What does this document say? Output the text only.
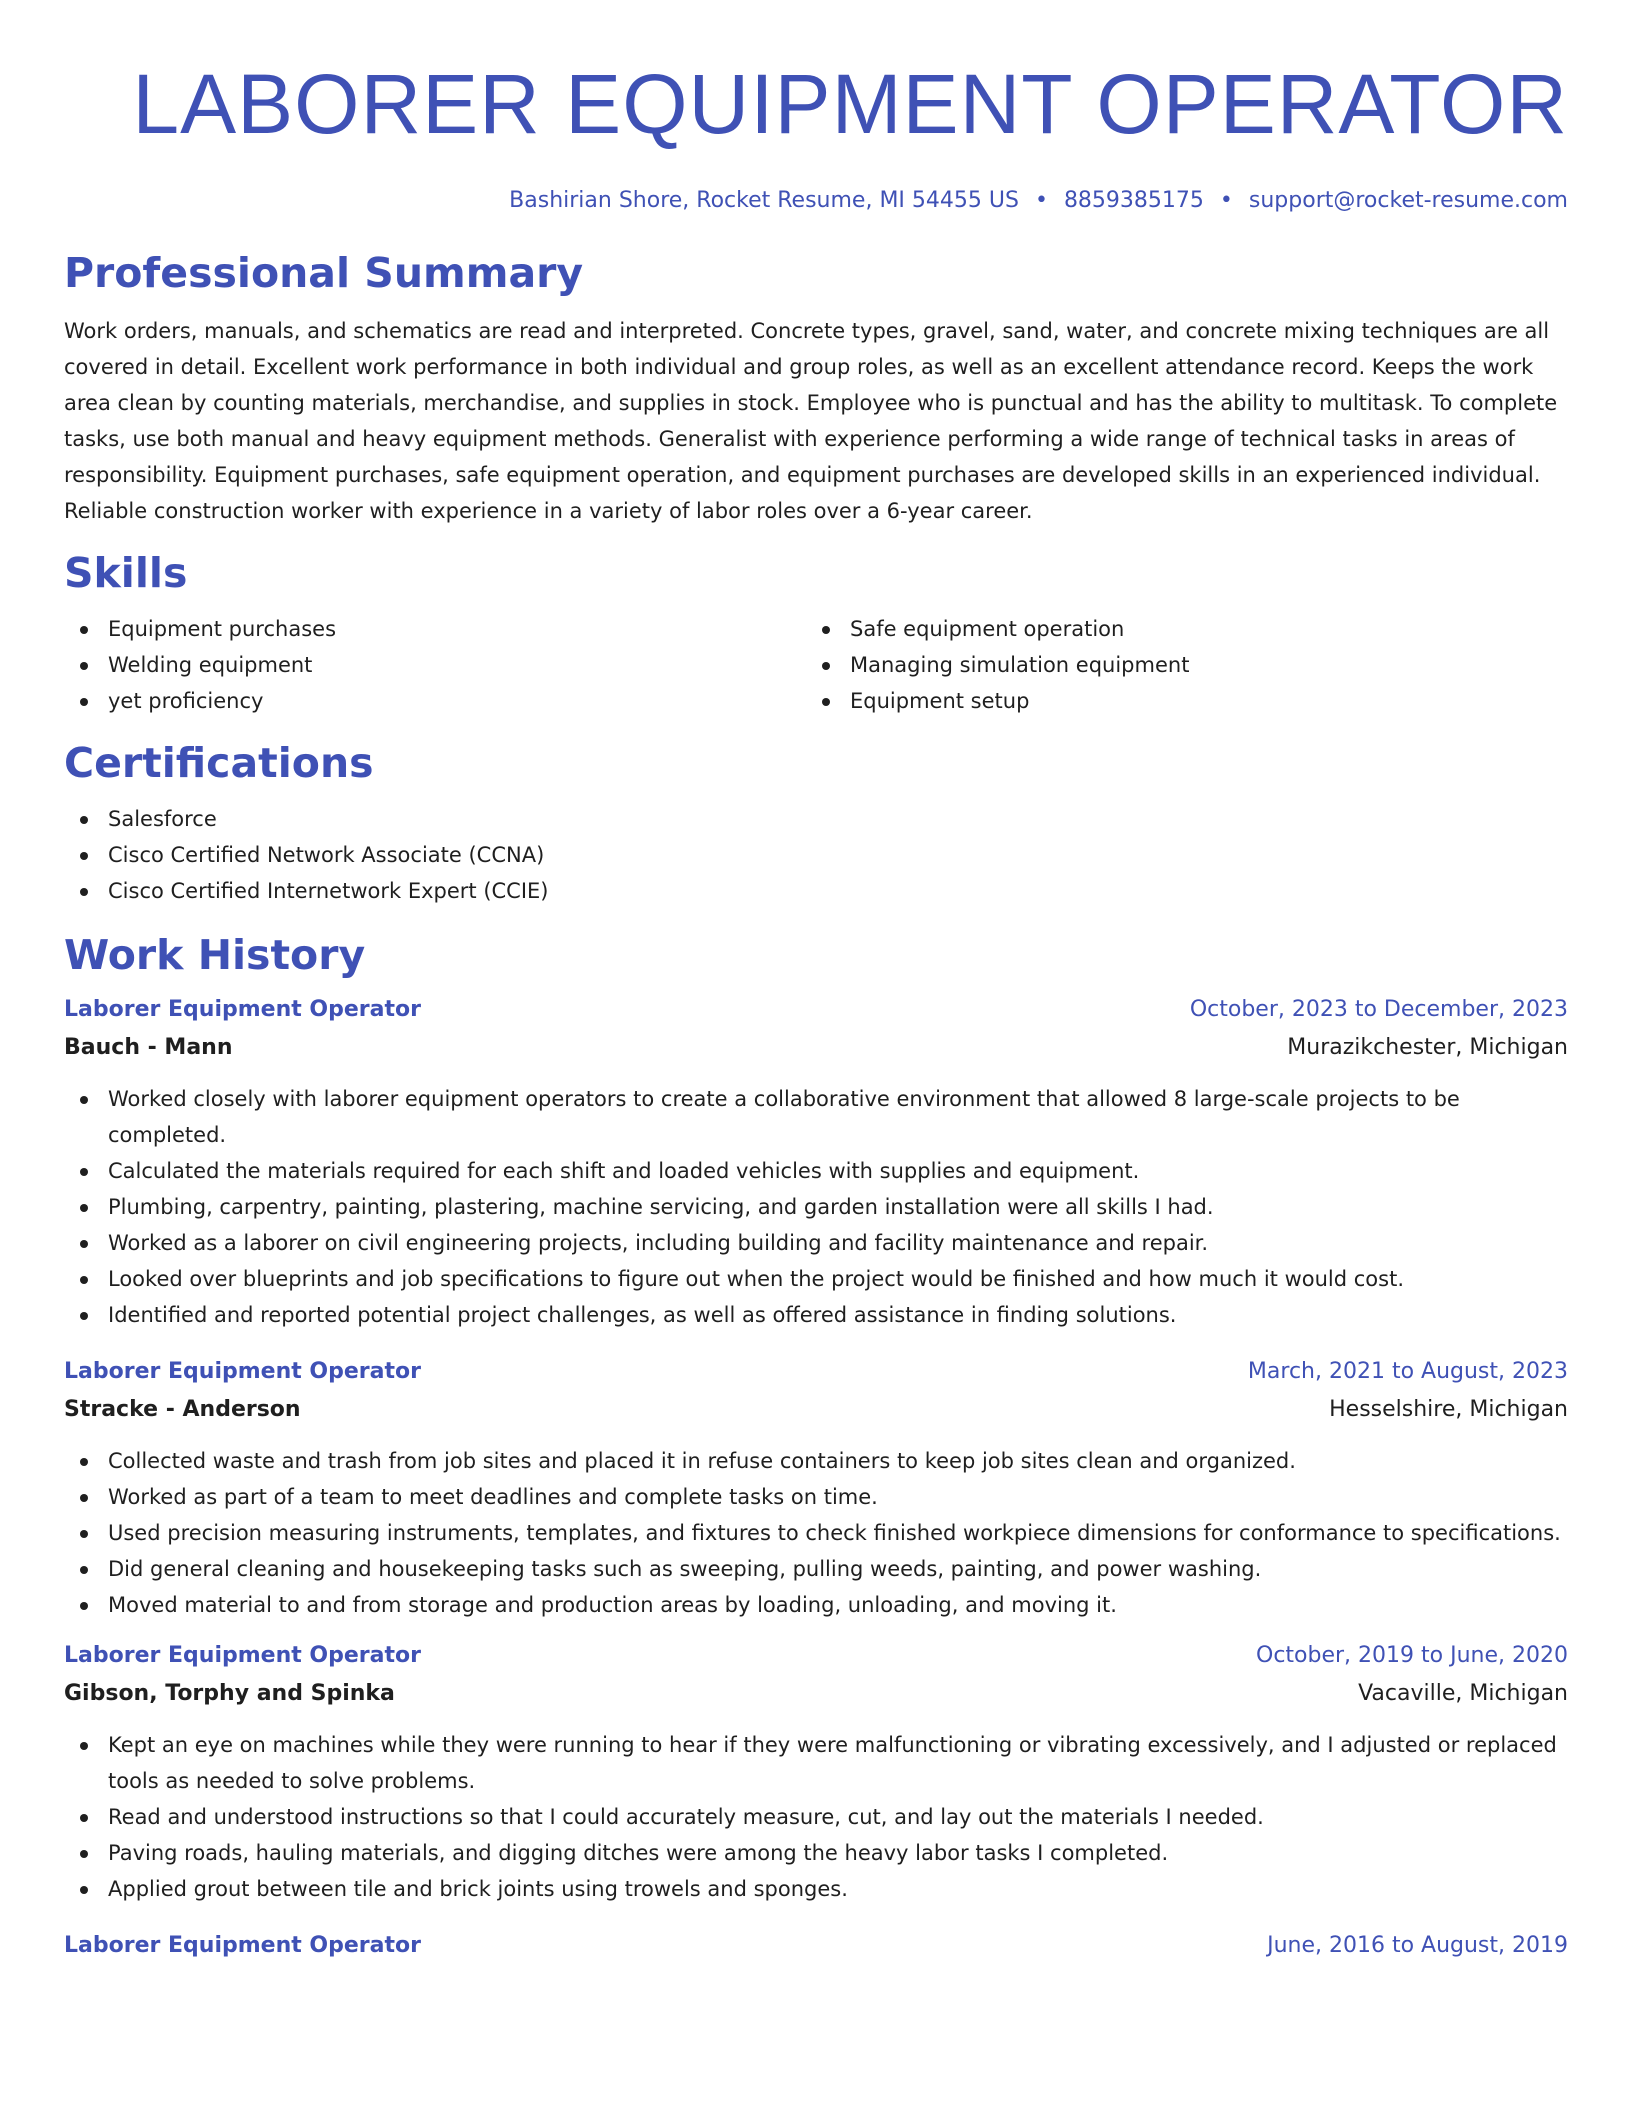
LABORER EQUIPMENT OPERATOR
Bashirian Shore, Rocket Resume, MI 54455 US • 8859385175 • support@rocket-resume.com
Professional Summary

Work orders, manuals, and schematics are read and interpreted. Concrete types, gravel, sand, water, and concrete mixing techniques are all covered in detail. Excellent work performance in both individual and group roles, as well as an excellent attendance record. Keeps the work area clean by counting materials, merchandise, and supplies in stock. Employee who is punctual and has the ability to multitask. To complete tasks, use both manual and heavy equipment methods. Generalist with experience performing a wide range of technical tasks in areas of responsibility. Equipment purchases, safe equipment operation, and equipment purchases are developed skills in an experienced individual. Reliable construction worker with experience in a variety of labor roles over a 6-year career.

Skills
Equipment purchases
Welding equipment
yet proficiency
Safe equipment operation
Managing simulation equipment
Equipment setup
Certifications
Salesforce
Cisco Certified Network Associate (CCNA)
Cisco Certified Internetwork Expert (CCIE)
Work History
Laborer Equipment Operator	October, 2023 to December, 2023
Bauch - Mann	Murazikchester, Michigan
Worked closely with laborer equipment operators to create a collaborative environment that allowed 8 large-scale projects to be completed.
Calculated the materials required for each shift and loaded vehicles with supplies and equipment.
Plumbing, carpentry, painting, plastering, machine servicing, and garden installation were all skills I had.
Worked as a laborer on civil engineering projects, including building and facility maintenance and repair.
Looked over blueprints and job specifications to figure out when the project would be finished and how much it would cost.
Identified and reported potential project challenges, as well as offered assistance in finding solutions.
Laborer Equipment Operator	March, 2021 to August, 2023
Stracke - Anderson	Hesselshire, Michigan
Collected waste and trash from job sites and placed it in refuse containers to keep job sites clean and organized.
Worked as part of a team to meet deadlines and complete tasks on time.
Used precision measuring instruments, templates, and fixtures to check finished workpiece dimensions for conformance to specifications.
Did general cleaning and housekeeping tasks such as sweeping, pulling weeds, painting, and power washing.
Moved material to and from storage and production areas by loading, unloading, and moving it.
Laborer Equipment Operator	October, 2019 to June, 2020
Gibson, Torphy and Spinka	Vacaville, Michigan
Kept an eye on machines while they were running to hear if they were malfunctioning or vibrating excessively, and I adjusted or replaced tools as needed to solve problems.
Read and understood instructions so that I could accurately measure, cut, and lay out the materials I needed.
Paving roads, hauling materials, and digging ditches were among the heavy labor tasks I completed.
Applied grout between tile and brick joints using trowels and sponges.
Laborer Equipment Operator	June, 2016 to August, 2019
